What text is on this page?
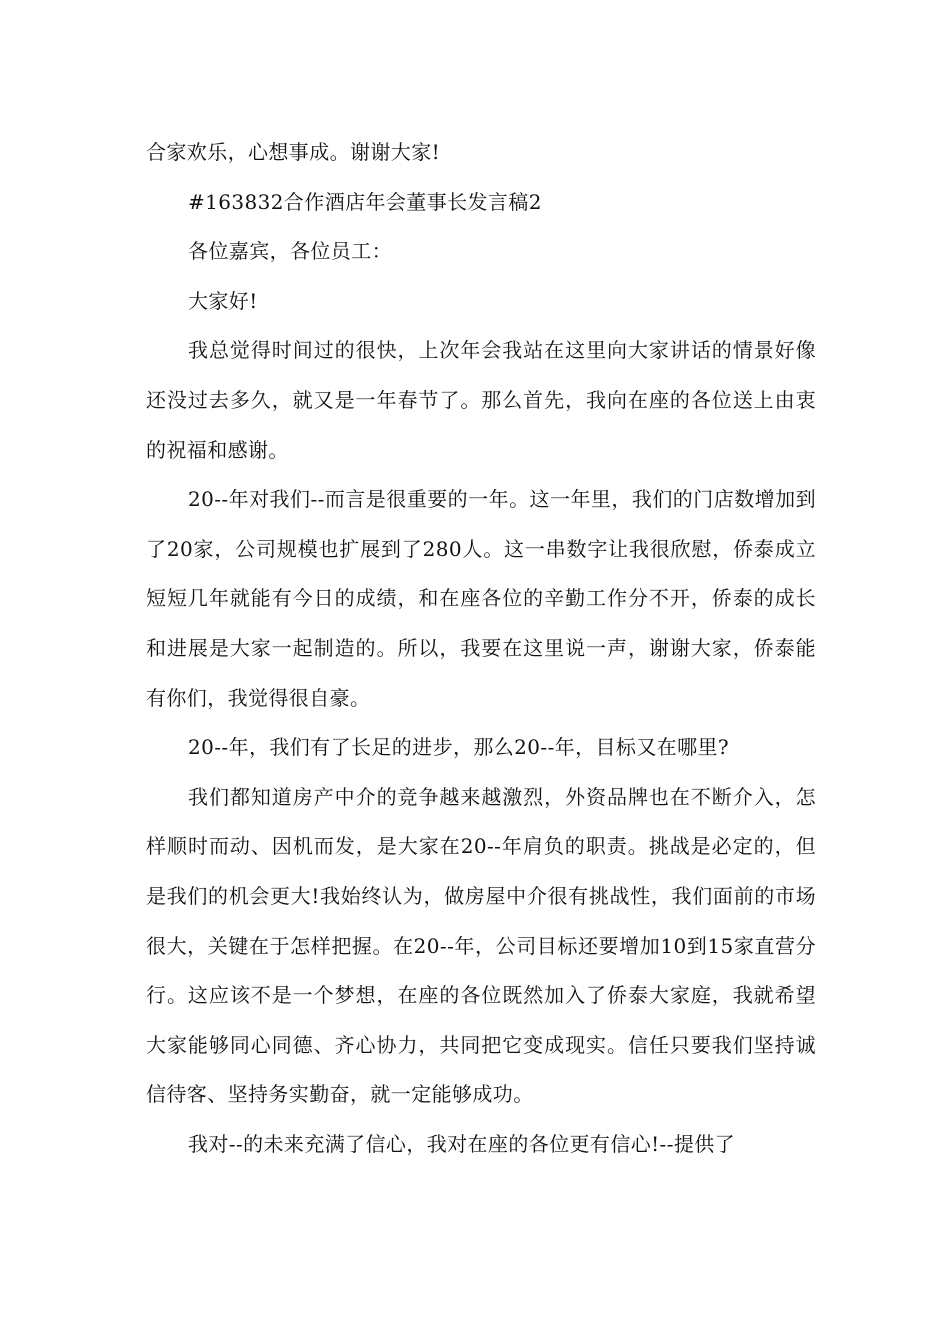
合家欢乐，心想事成。谢谢大家!

#163832合作酒店年会董事长发言稿2

各位嘉宾，各位员工：

大家好!

我总觉得时间过的很快，上次年会我站在这里向大家讲话的情景好像还没过去多久，就又是一年春节了。那么首先，我向在座的各位送上由衷的祝福和感谢。

20--年对我们--而言是很重要的一年。这一年里，我们的门店数增加到了20家，公司规模也扩展到了280人。这一串数字让我很欣慰，侨泰成立短短几年就能有今日的成绩，和在座各位的辛勤工作分不开，侨泰的成长和进展是大家一起制造的。所以，我要在这里说一声，谢谢大家，侨泰能有你们，我觉得很自豪。

20--年，我们有了长足的进步，那么20--年，目标又在哪里?

我们都知道房产中介的竞争越来越激烈，外资品牌也在不断介入，怎样顺时而动、因机而发，是大家在20--年肩负的职责。挑战是必定的，但是我们的机会更大!我始终认为，做房屋中介很有挑战性，我们面前的市场很大，关键在于怎样把握。在20--年，公司目标还要增加10到15家直营分行。这应该不是一个梦想，在座的各位既然加入了侨泰大家庭，我就希望大家能够同心同德、齐心协力，共同把它变成现实。信任只要我们坚持诚信待客、坚持务实勤奋，就一定能够成功。

我对--的未来充满了信心，我对在座的各位更有信心!--提供了
